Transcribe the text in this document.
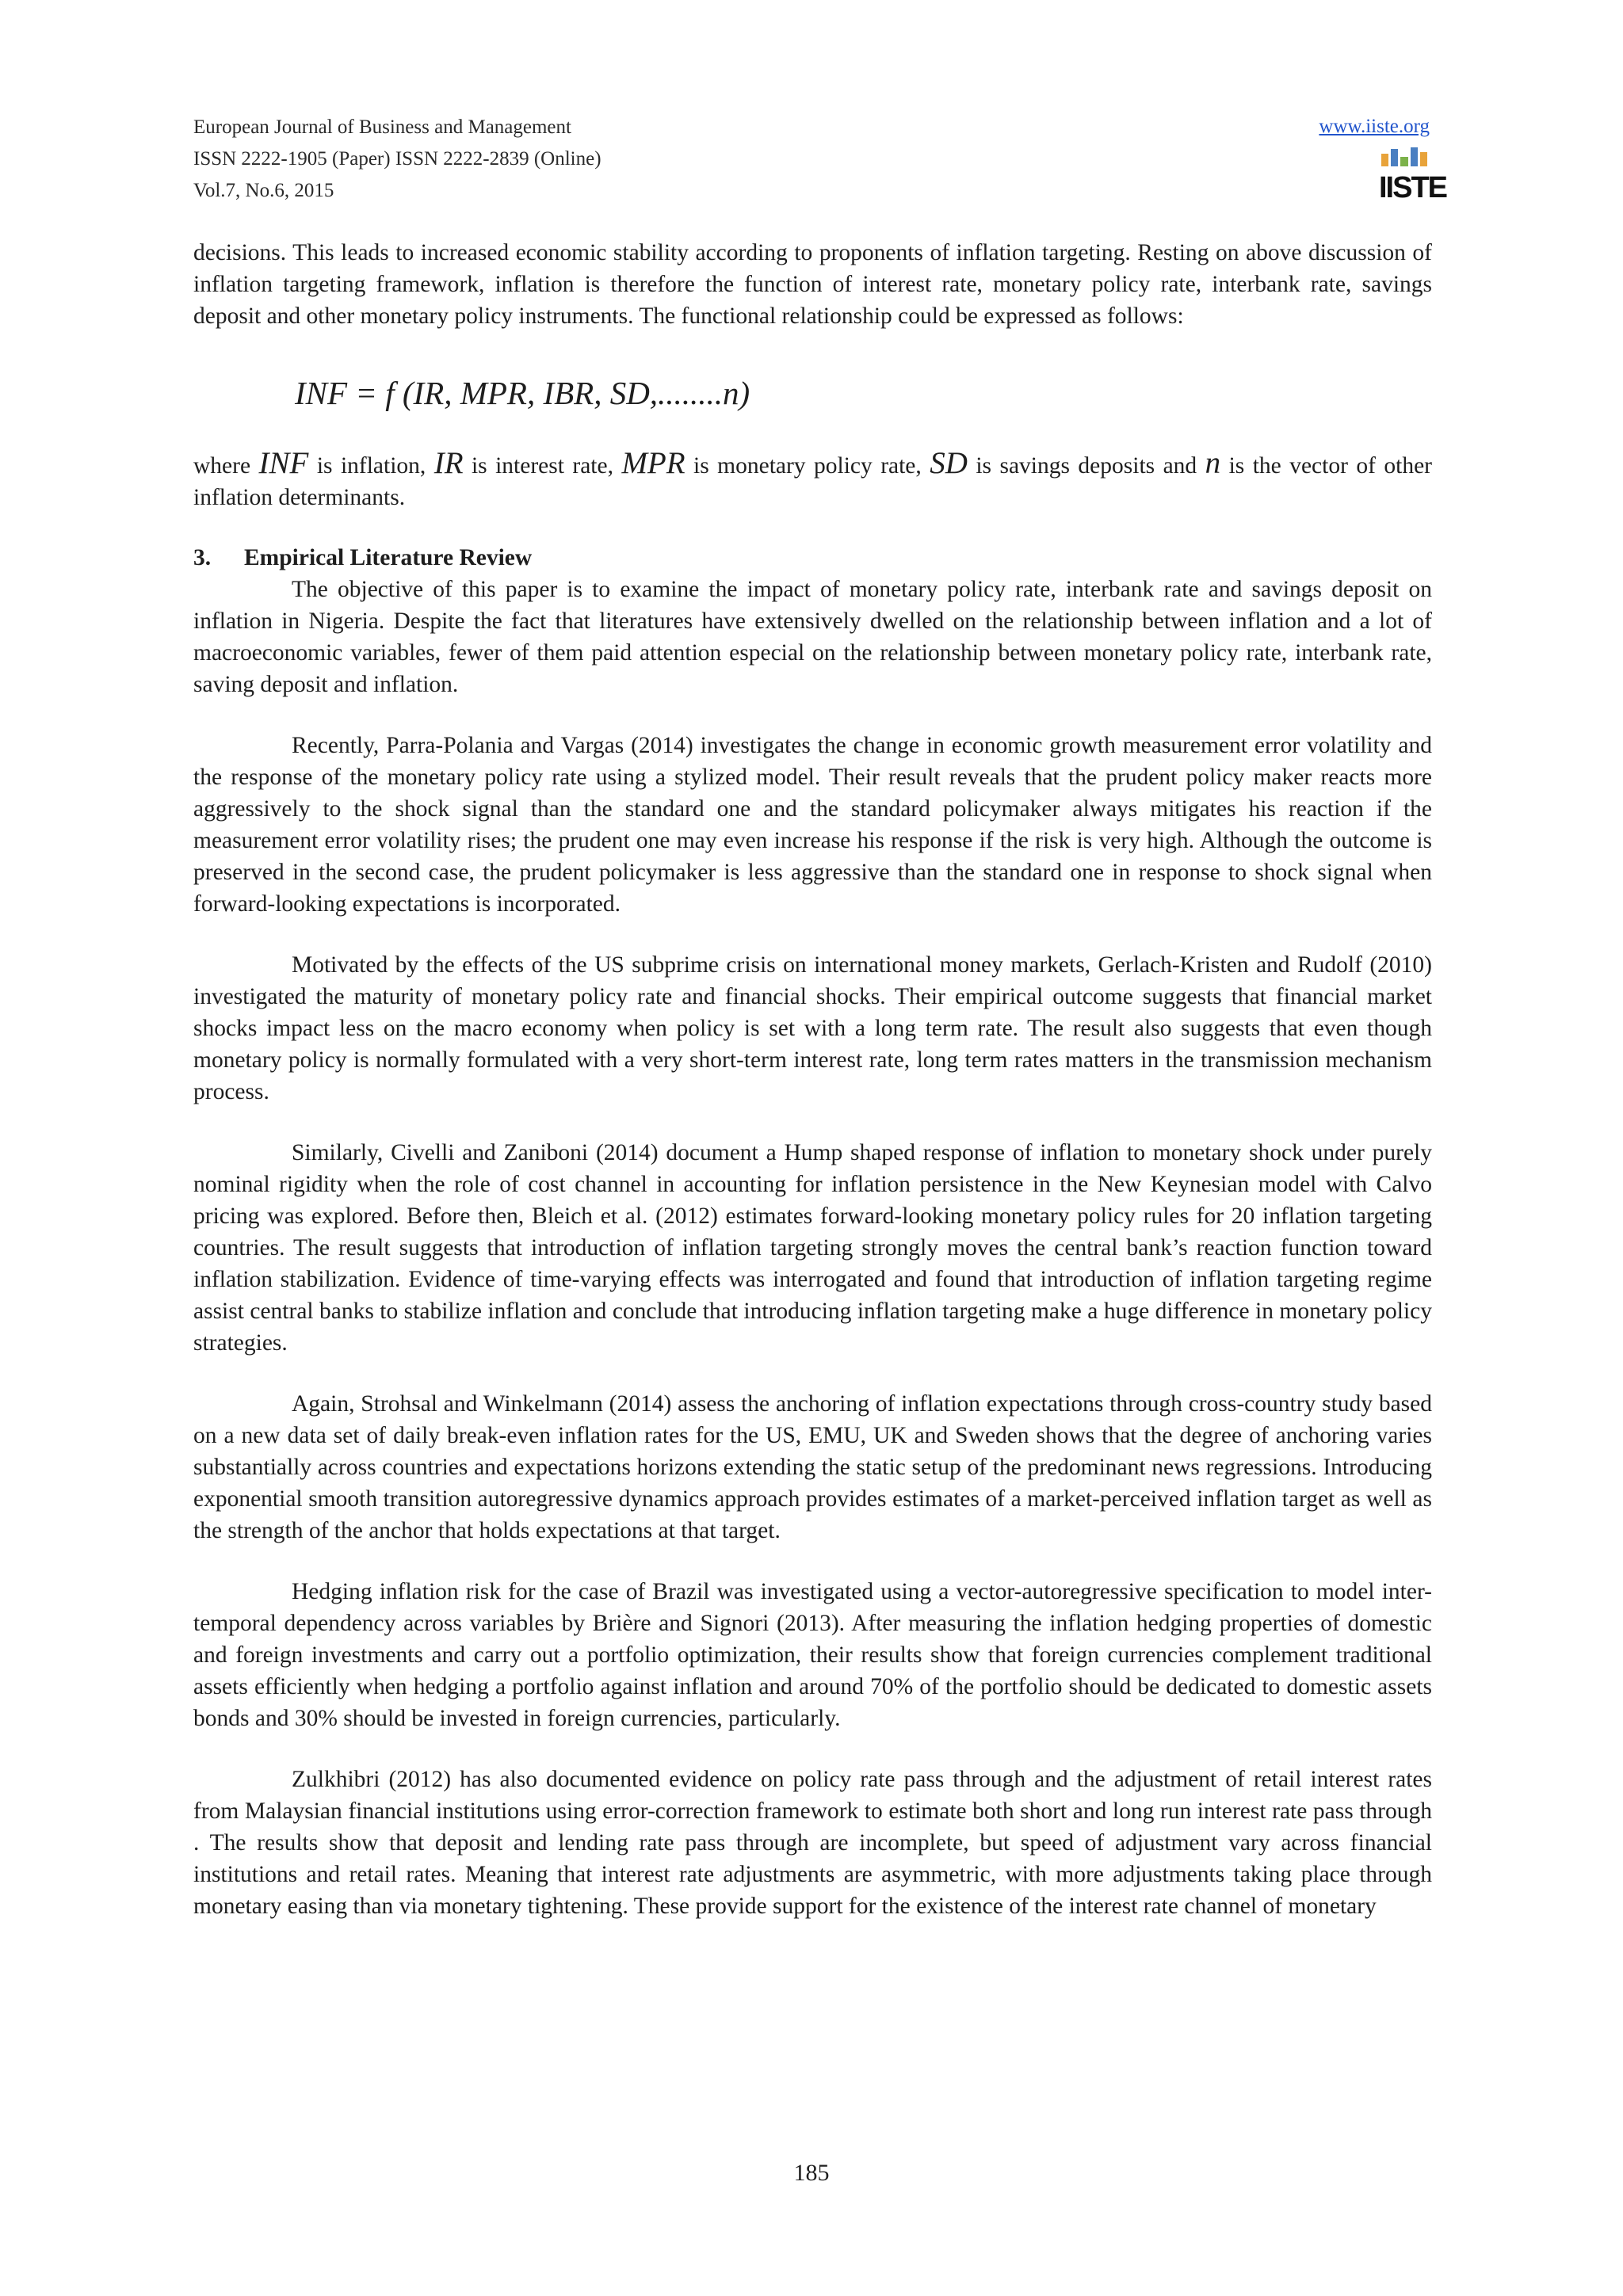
European Journal of Business and Management
ISSN 2222-1905 (Paper) ISSN 2222-2839 (Online)
Vol.7, No.6, 2015
www.iiste.org
IISTE

decisions. This leads to increased economic stability according to proponents of inflation targeting. Resting on above discussion of inflation targeting framework, inflation is therefore the function of interest rate, monetary policy rate, interbank rate, savings deposit and other monetary policy instruments. The functional relationship could be expressed as follows:

INF = f (IR, MPR, IBR, SD,........n)

where INF is inflation, IR is interest rate, MPR is monetary policy rate, SD is savings deposits and n is the vector of other inflation determinants.

3. Empirical Literature Review

The objective of this paper is to examine the impact of monetary policy rate, interbank rate and savings deposit on inflation in Nigeria. Despite the fact that literatures have extensively dwelled on the relationship between inflation and a lot of macroeconomic variables, fewer of them paid attention especial on the relationship between monetary policy rate, interbank rate, saving deposit and inflation.

Recently, Parra-Polania and Vargas (2014) investigates the change in economic growth measurement error volatility and the response of the monetary policy rate using a stylized model. Their result reveals that the prudent policy maker reacts more aggressively to the shock signal than the standard one and the standard policymaker always mitigates his reaction if the measurement error volatility rises; the prudent one may even increase his response if the risk is very high. Although the outcome is preserved in the second case, the prudent policymaker is less aggressive than the standard one in response to shock signal when forward-looking expectations is incorporated.

Motivated by the effects of the US subprime crisis on international money markets, Gerlach-Kristen and Rudolf (2010) investigated the maturity of monetary policy rate and financial shocks. Their empirical outcome suggests that financial market shocks impact less on the macro economy when policy is set with a long term rate. The result also suggests that even though monetary policy is normally formulated with a very short-term interest rate, long term rates matters in the transmission mechanism process.

Similarly, Civelli and Zaniboni (2014) document a Hump shaped response of inflation to monetary shock under purely nominal rigidity when the role of cost channel in accounting for inflation persistence in the New Keynesian model with Calvo pricing was explored. Before then, Bleich et al. (2012) estimates forward-looking monetary policy rules for 20 inflation targeting countries. The result suggests that introduction of inflation targeting strongly moves the central bank’s reaction function toward inflation stabilization. Evidence of time-varying effects was interrogated and found that introduction of inflation targeting regime assist central banks to stabilize inflation and conclude that introducing inflation targeting make a huge difference in monetary policy strategies.

Again, Strohsal and Winkelmann (2014) assess the anchoring of inflation expectations through cross-country study based on a new data set of daily break-even inflation rates for the US, EMU, UK and Sweden shows that the degree of anchoring varies substantially across countries and expectations horizons extending the static setup of the predominant news regressions. Introducing exponential smooth transition autoregressive dynamics approach provides estimates of a market-perceived inflation target as well as the strength of the anchor that holds expectations at that target.

Hedging inflation risk for the case of Brazil was investigated using a vector-autoregressive specification to model inter-temporal dependency across variables by Brière and Signori (2013). After measuring the inflation hedging properties of domestic and foreign investments and carry out a portfolio optimization, their results show that foreign currencies complement traditional assets efficiently when hedging a portfolio against inflation and around 70% of the portfolio should be dedicated to domestic assets bonds and 30% should be invested in foreign currencies, particularly.

Zulkhibri (2012) has also documented evidence on policy rate pass through and the adjustment of retail interest rates from Malaysian financial institutions using error-correction framework to estimate both short and long run interest rate pass through . The results show that deposit and lending rate pass through are incomplete, but speed of adjustment vary across financial institutions and retail rates. Meaning that interest rate adjustments are asymmetric, with more adjustments taking place through monetary easing than via monetary tightening. These provide support for the existence of the interest rate channel of monetary

185
